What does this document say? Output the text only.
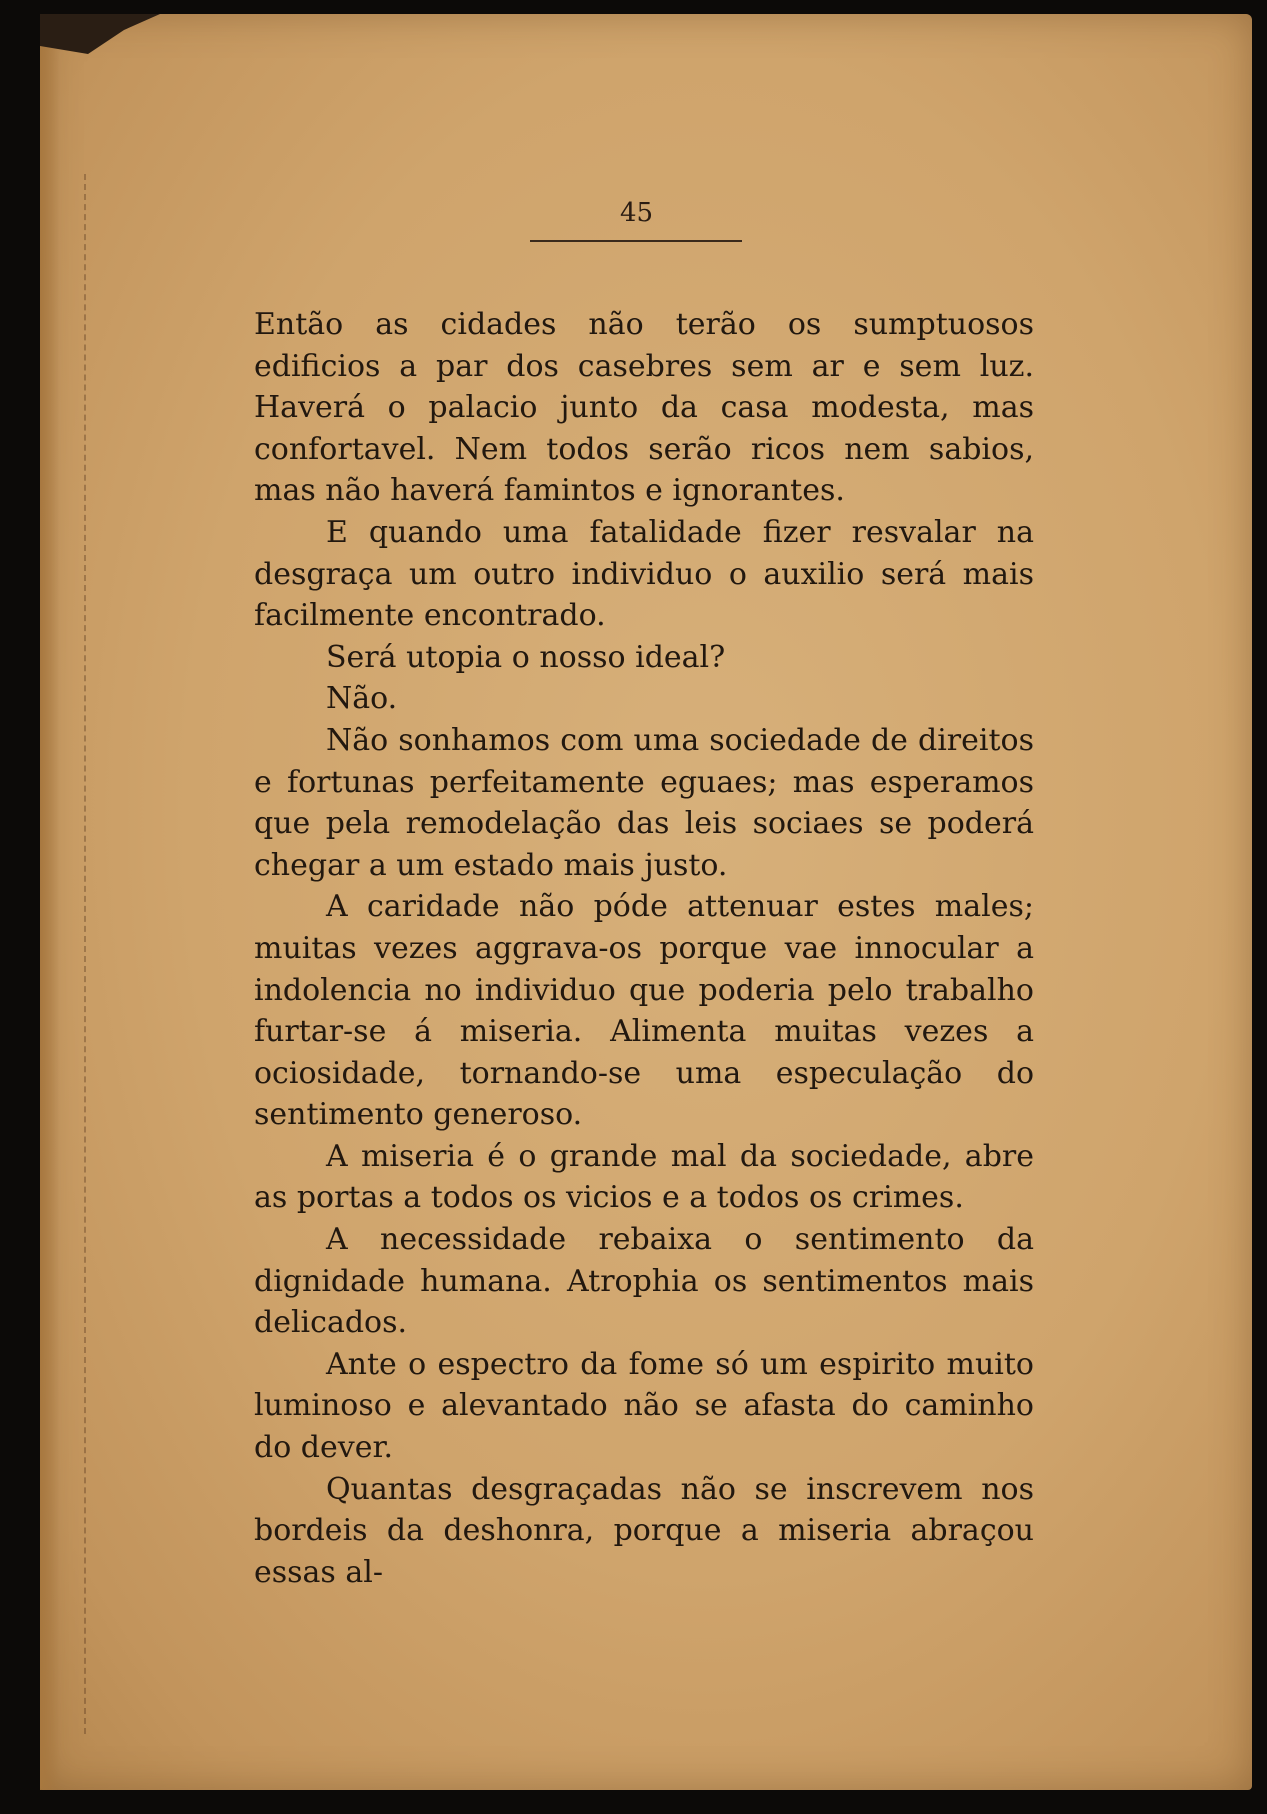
45

Então as cidades não terão os sumptuosos edificios a par dos casebres sem ar e sem luz. Haverá o palacio junto da casa modesta, mas confortavel. Nem todos serão ricos nem sabios, mas não haverá famintos e ignorantes.

E quando uma fatalidade fizer resvalar na desgraça um outro individuo o auxilio será mais facilmente encontrado.

Será utopia o nosso ideal?

Não.

Não sonhamos com uma sociedade de direitos e fortunas perfeitamente eguaes; mas esperamos que pela remodelação das leis sociaes se poderá chegar a um estado mais justo.

A caridade não póde attenuar estes males; muitas vezes aggrava-os porque vae innocular a indolencia no individuo que poderia pelo trabalho furtar-se á miseria. Alimenta muitas vezes a ociosidade, tornando-se uma especulação do sentimento generoso.

A miseria é o grande mal da sociedade, abre as portas a todos os vicios e a todos os crimes.

A necessidade rebaixa o sentimento da dignidade humana. Atrophia os sentimentos mais delicados.

Ante o espectro da fome só um espirito muito luminoso e alevantado não se afasta do caminho do dever.

Quantas desgraçadas não se inscrevem nos bordeis da deshonra, porque a miseria abraçou essas al-
